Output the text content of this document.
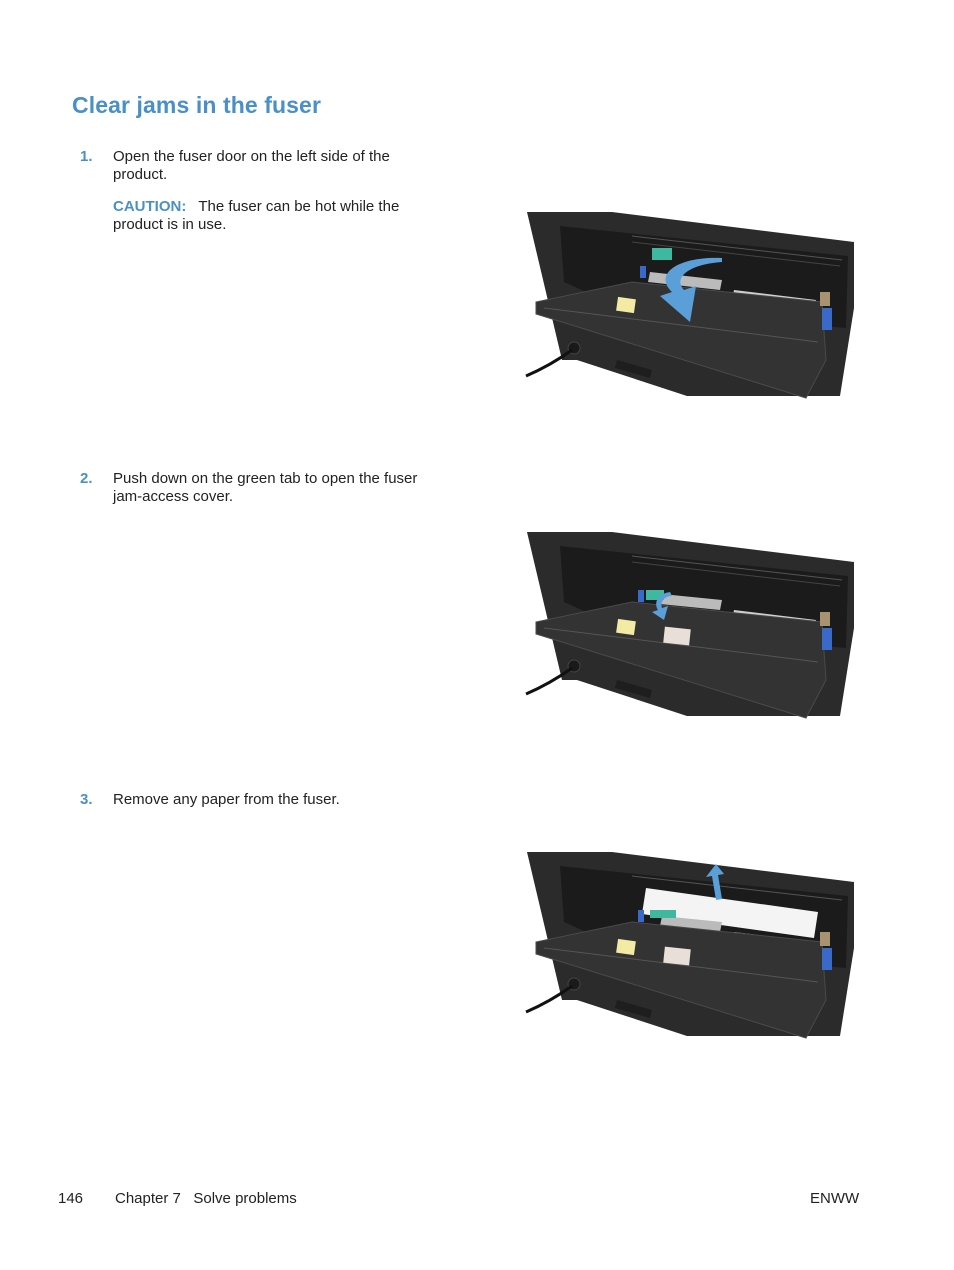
Clear jams in the fuser
1.	Open the fuser door on the left side of the product.
CAUTION: The fuser can be hot while the product is in use.
2.	Push down on the green tab to open the fuser jam-access cover.
3.	Remove any paper from the fuser.
146 Chapter 7   Solve problems	ENWW
